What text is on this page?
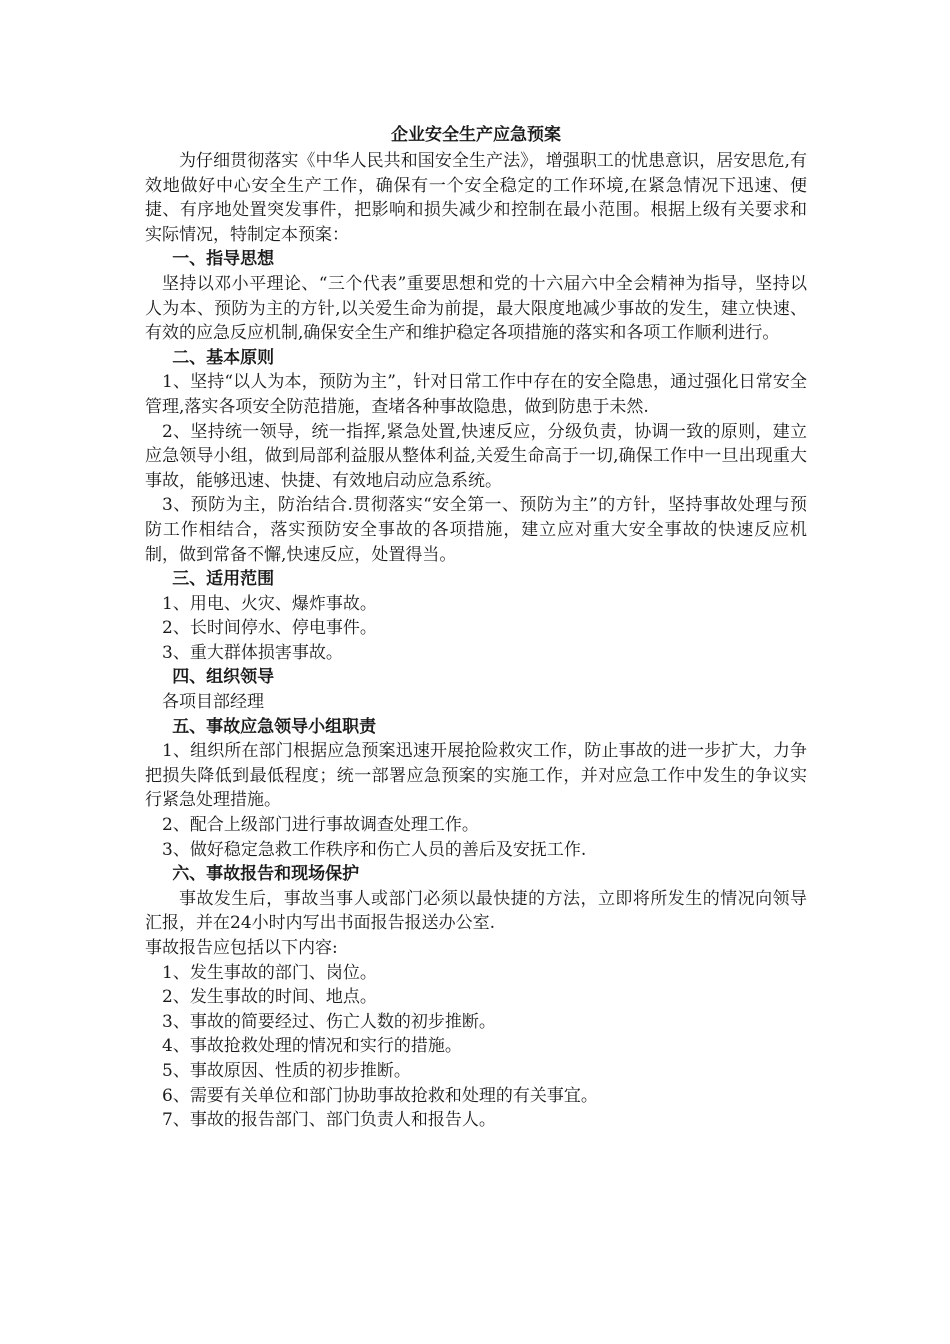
企业安全生产应急预案

为仔细贯彻落实《中华人民共和国安全生产法》，增强职工的忧患意识，居安思危,有效地做好中心安全生产工作，确保有一个安全稳定的工作环境,在紧急情况下迅速、便捷、有序地处置突发事件，把影响和损失减少和控制在最小范围。根据上级有关要求和实际情况，特制定本预案：

一、指导思想

坚持以邓小平理论、“三个代表”重要思想和党的十六届六中全会精神为指导，坚持以人为本、预防为主的方针,以关爱生命为前提，最大限度地减少事故的发生，建立快速、有效的应急反应机制,确保安全生产和维护稳定各项措施的落实和各项工作顺利进行。

二、基本原则

1、坚持“以人为本，预防为主”，针对日常工作中存在的安全隐患，通过强化日常安全管理,落实各项安全防范措施，查堵各种事故隐患，做到防患于未然.

2、坚持统一领导，统一指挥,紧急处置,快速反应，分级负责，协调一致的原则，建立应急领导小组，做到局部利益服从整体利益,关爱生命高于一切,确保工作中一旦出现重大事故，能够迅速、快捷、有效地启动应急系统。

3、预防为主，防治结合.贯彻落实“安全第一、预防为主”的方针，坚持事故处理与预防工作相结合，落实预防安全事故的各项措施，建立应对重大安全事故的快速反应机制，做到常备不懈,快速反应，处置得当。

三、适用范围

1、用电、火灾、爆炸事故。

2、长时间停水、停电事件。

3、重大群体损害事故。

四、组织领导

各项目部经理

五、事故应急领导小组职责

1、组织所在部门根据应急预案迅速开展抢险救灾工作，防止事故的进一步扩大，力争把损失降低到最低程度；统一部署应急预案的实施工作，并对应急工作中发生的争议实行紧急处理措施。

2、配合上级部门进行事故调查处理工作。

3、做好稳定急救工作秩序和伤亡人员的善后及安抚工作.

六、事故报告和现场保护

事故发生后，事故当事人或部门必须以最快捷的方法，立即将所发生的情况向领导汇报，并在24小时内写出书面报告报送办公室.

事故报告应包括以下内容:

1、发生事故的部门、岗位。

2、发生事故的时间、地点。

3、事故的简要经过、伤亡人数的初步推断。

4、事故抢救处理的情况和实行的措施。

5、事故原因、性质的初步推断。

6、需要有关单位和部门协助事故抢救和处理的有关事宜。

7、事故的报告部门、部门负责人和报告人。
